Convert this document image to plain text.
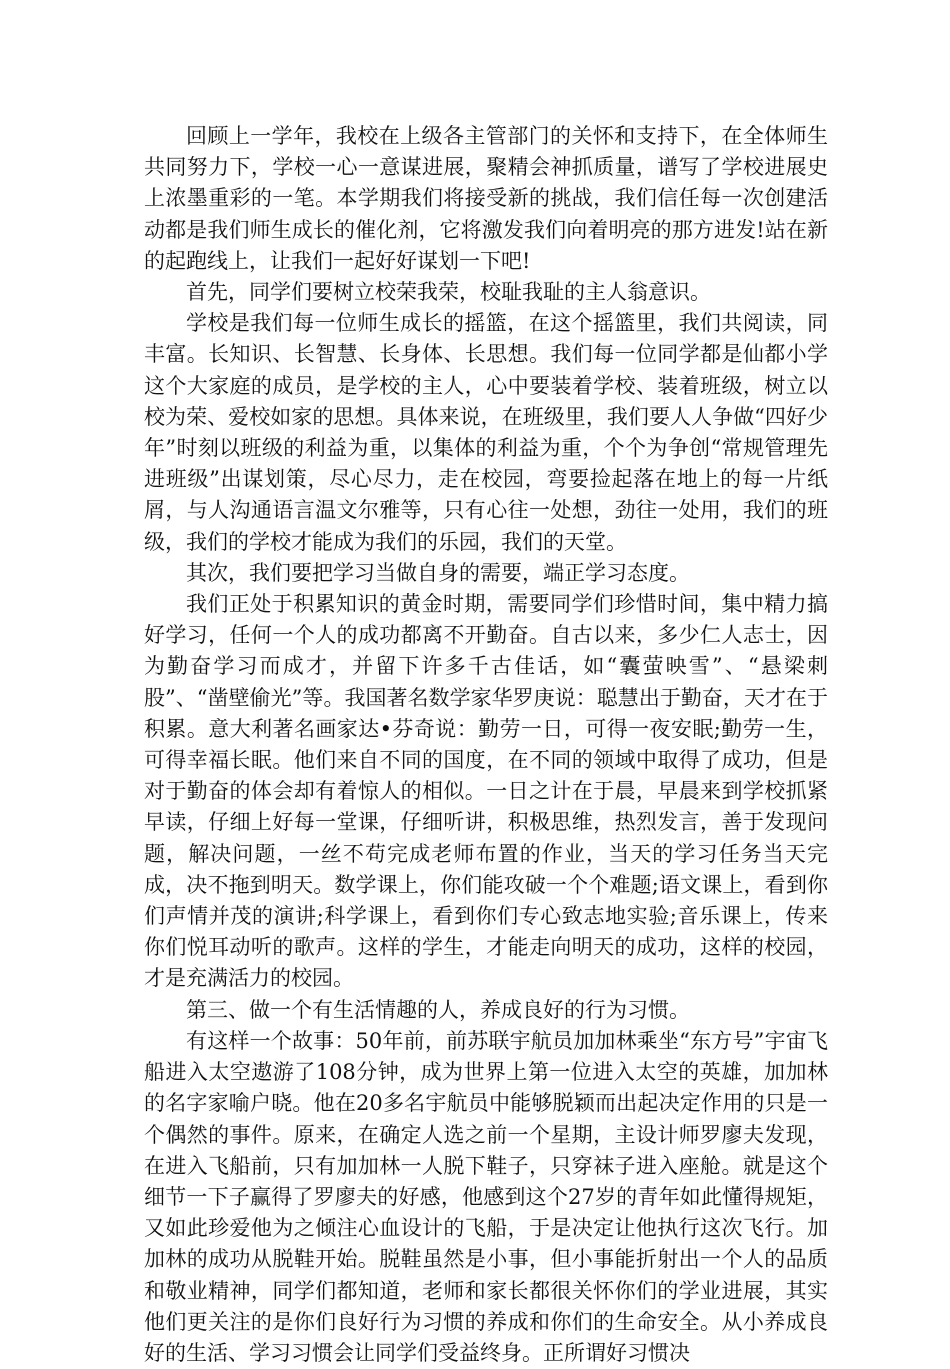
回顾上一学年，我校在上级各主管部门的关怀和支持下，在全体师生共同努力下，学校一心一意谋进展，聚精会神抓质量，谱写了学校进展史上浓墨重彩的一笔。本学期我们将接受新的挑战，我们信任每一次创建活动都是我们师生成长的催化剂，它将激发我们向着明亮的那方进发!站在新的起跑线上，让我们一起好好谋划一下吧!

首先，同学们要树立校荣我荣，校耻我耻的主人翁意识。

学校是我们每一位师生成长的摇篮，在这个摇篮里，我们共阅读，同丰富。长知识、长智慧、长身体、长思想。我们每一位同学都是仙都小学这个大家庭的成员，是学校的主人，心中要装着学校、装着班级，树立以校为荣、爱校如家的思想。具体来说，在班级里，我们要人人争做“四好少年”时刻以班级的利益为重，以集体的利益为重，个个为争创“常规管理先进班级”出谋划策，尽心尽力，走在校园，弯要捡起落在地上的每一片纸屑，与人沟通语言温文尔雅等，只有心往一处想，劲往一处用，我们的班级，我们的学校才能成为我们的乐园，我们的天堂。

其次，我们要把学习当做自身的需要，端正学习态度。

我们正处于积累知识的黄金时期，需要同学们珍惜时间，集中精力搞好学习，任何一个人的成功都离不开勤奋。自古以来，多少仁人志士，因为勤奋学习而成才，并留下许多千古佳话，如“囊萤映雪”、“悬梁刺股”、“凿壁偷光”等。我国著名数学家华罗庚说：聪慧出于勤奋，天才在于积累。意大利著名画家达•芬奇说：勤劳一日，可得一夜安眠;勤劳一生，可得幸福长眠。他们来自不同的国度，在不同的领域中取得了成功，但是对于勤奋的体会却有着惊人的相似。一日之计在于晨，早晨来到学校抓紧早读，仔细上好每一堂课，仔细听讲，积极思维，热烈发言，善于发现问题，解决问题，一丝不苟完成老师布置的作业，当天的学习任务当天完成，决不拖到明天。数学课上，你们能攻破一个个难题;语文课上，看到你们声情并茂的演讲;科学课上，看到你们专心致志地实验;音乐课上，传来你们悦耳动听的歌声。这样的学生，才能走向明天的成功，这样的校园，才是充满活力的校园。

第三、做一个有生活情趣的人，养成良好的行为习惯。

有这样一个故事：50年前，前苏联宇航员加加林乘坐“东方号”宇宙飞船进入太空遨游了108分钟，成为世界上第一位进入太空的英雄，加加林的名字家喻户晓。他在20多名宇航员中能够脱颖而出起决定作用的只是一个偶然的事件。原来，在确定人选之前一个星期，主设计师罗廖夫发现，在进入飞船前，只有加加林一人脱下鞋子，只穿袜子进入座舱。就是这个细节一下子赢得了罗廖夫的好感，他感到这个27岁的青年如此懂得规矩，又如此珍爱他为之倾注心血设计的飞船，于是决定让他执行这次飞行。加加林的成功从脱鞋开始。脱鞋虽然是小事，但小事能折射出一个人的品质和敬业精神，同学们都知道，老师和家长都很关怀你们的学业进展，其实他们更关注的是你们良好行为习惯的养成和你们的生命安全。从小养成良好的生活、学习习惯会让同学们受益终身。正所谓好习惯决
